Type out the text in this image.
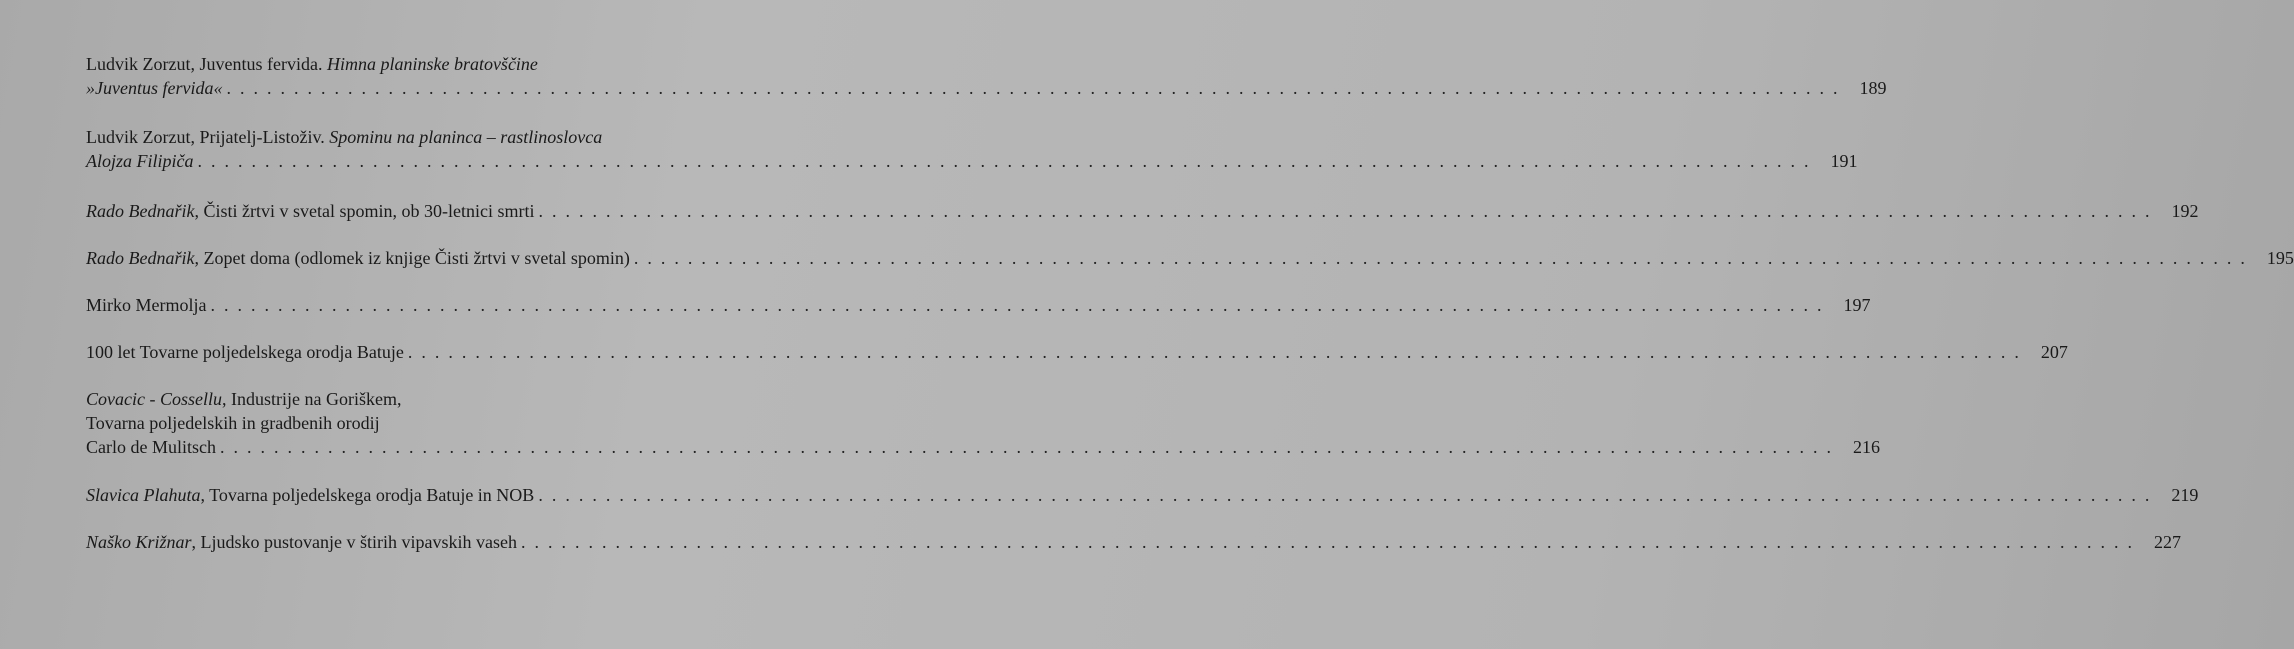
Ludvik Zorzut, Juventus fervida. Himna planinske bratovščine
»Juventus fervida« ........................................................................................................................ 189
Ludvik Zorzut, Prijatelj-Listoživ. Spominu na planinca – rastlinoslovca
Alojza Filipiča ........................................................................................................................ 191
Rado Bednařik, Čisti žrtvi v svetal spomin, ob 30-letnici smrti ........................................................................................................................ 192
Rado Bednařik, Zopet doma (odlomek iz knjige Čisti žrtvi v svetal spomin) ........................................................................................................................ 195
Mirko Mermolja ........................................................................................................................ 197
100 let Tovarne poljedelskega orodja Batuje ........................................................................................................................ 207
Covacic - Cossellu, Industrije na Goriškem,
Tovarna poljedelskih in gradbenih orodij
Carlo de Mulitsch ........................................................................................................................ 216
Slavica Plahuta, Tovarna poljedelskega orodja Batuje in NOB ........................................................................................................................ 219
Naško Križnar, Ljudsko pustovanje v štirih vipavskih vaseh ........................................................................................................................ 227
